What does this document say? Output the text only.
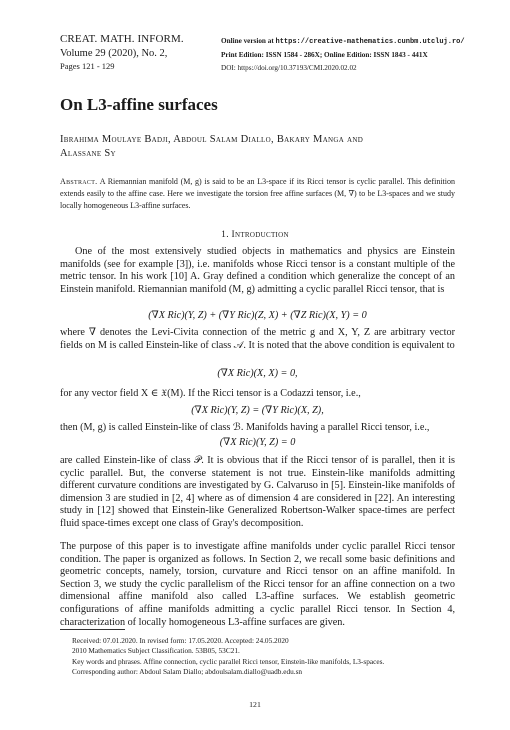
CREAT. MATH. INFORM.
Volume 29 (2020), No. 2,
Pages 121 - 129
Online version at https://creative-mathematics.cunbm.utcluj.ro/
Print Edition: ISSN 1584 - 286X; Online Edition: ISSN 1843 - 441X
DOI: https://doi.org/10.37193/CMI.2020.02.02
On L3-affine surfaces
Ibrahima Moulaye Badji, Abdoul Salam Diallo, Bakary Manga and
Alassane Sy
Abstract. A Riemannian manifold (M, g) is said to be an L3-space if its Ricci tensor is cyclic parallel. This definition extends easily to the affine case. Here we investigate the torsion free affine surfaces (M, ∇) to be L3-spaces and we study locally homogeneous L3-affine surfaces.
1. Introduction
One of the most extensively studied objects in mathematics and physics are Einstein manifolds (see for example [3]), i.e. manifolds whose Ricci tensor is a constant multiple of the metric tensor. In his work [10] A. Gray defined a condition which generalize the concept of an Einstein manifold. Riemannian manifold (M, g) admitting a cyclic parallel Ricci tensor, that is
(∇X Ric)(Y, Z) + (∇Y Ric)(Z, X) + (∇Z Ric)(X, Y) = 0
where ∇ denotes the Levi-Civita connection of the metric g and X, Y, Z are arbitrary vector fields on M is called Einstein-like of class 𝒜. It is noted that the above condition is equivalent to
(∇X Ric)(X, X) = 0,
for any vector field X ∈ 𝔛(M). If the Ricci tensor is a Codazzi tensor, i.e.,
(∇X Ric)(Y, Z) = (∇Y Ric)(X, Z),
then (M, g) is called Einstein-like of class ℬ. Manifolds having a parallel Ricci tensor, i.e.,
(∇X Ric)(Y, Z) = 0
are called Einstein-like of class 𝒫. It is obvious that if the Ricci tensor of is parallel, then it is cyclic parallel. But, the converse statement is not true. Einstein-like manifolds admitting different curvature conditions are investigated by G. Calvaruso in [5]. Einstein-like manifolds of dimension 3 are studied in [2, 4] where as of dimension 4 are considered in [22]. An interesting study in [12] showed that Einstein-like Generalized Robertson-Walker space-times are perfect fluid space-times except one class of Gray's decomposition.
The purpose of this paper is to investigate affine manifolds under cyclic parallel Ricci tensor condition. The paper is organized as follows. In Section 2, we recall some basic definitions and geometric concepts, namely, torsion, curvature and Ricci tensor on an affine manifold. In Section 3, we study the cyclic parallelism of the Ricci tensor for an affine connection on a two dimensional affine manifold also called L3-affine surfaces. We establish geometric configurations of affine manifolds admitting a cyclic parallel Ricci tensor. In Section 4, characterization of locally homogeneous L3-affine surfaces are given.
Received: 07.01.2020. In revised form: 17.05.2020. Accepted: 24.05.2020
2010 Mathematics Subject Classification. 53B05, 53C21.
Key words and phrases. Affine connection, cyclic parallel Ricci tensor, Einstein-like manifolds, L3-spaces.
Corresponding author: Abdoul Salam Diallo; abdoulsalam.diallo@uadb.edu.sn
121
